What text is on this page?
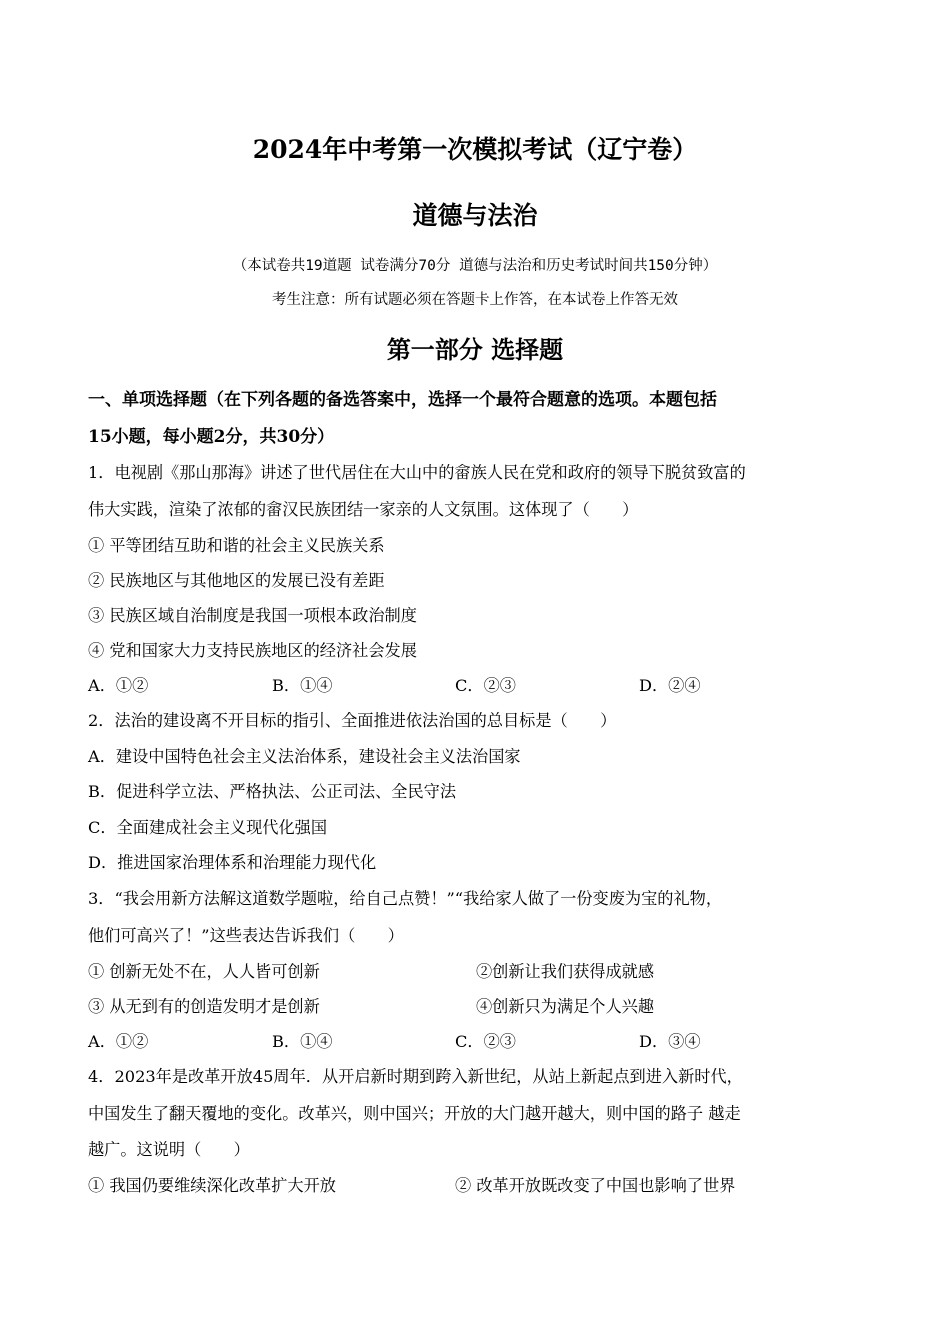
2024年中考第一次模拟考试（辽宁卷）
道德与法治
（本试卷共19道题 试卷满分70分 道德与法治和历史考试时间共150分钟）
考生注意：所有试题必须在答题卡上作答，在本试卷上作答无效
第一部分 选择题
一、单项选择题（在下列各题的备选答案中，选择一个最符合题意的选项。本题包括
15小题，每小题2分，共30分）
1．电视剧《那山那海》讲述了世代居住在大山中的畲族人民在党和政府的领导下脱贫致富的
伟大实践，渲染了浓郁的畲汉民族团结一家亲的人文氛围。这体现了（　　）
① 平等团结互助和谐的社会主义民族关系
② 民族地区与其他地区的发展已没有差距
③ 民族区域自治制度是我国一项根本政治制度
④ 党和国家大力支持民族地区的经济社会发展
A．①②	B．①④	C．②③	D．②④
2．法治的建设离不开目标的指引、全面推进依法治国的总目标是（　　）
A．建设中国特色社会主义法治体系，建设社会主义法治国家
B．促进科学立法、严格执法、公正司法、全民守法
C．全面建成社会主义现代化强国
D．推进国家治理体系和治理能力现代化
3．“我会用新方法解这道数学题啦，给自己点赞！”“我给家人做了一份变废为宝的礼物，
他们可高兴了！”这些表达告诉我们（　　）
① 创新无处不在，人人皆可创新	②创新让我们获得成就感
③ 从无到有的创造发明才是创新	④创新只为满足个人兴趣
A．①②	B．①④	C．②③	D．③④
4．2023年是改革开放45周年．从开启新时期到跨入新世纪，从站上新起点到进入新时代，
中国发生了翻天覆地的变化。改革兴，则中国兴；开放的大门越开越大，则中国的路子 越走
越广。这说明（　　）
① 我国仍要维续深化改革扩大开放	② 改革开放既改变了中国也影响了世界
